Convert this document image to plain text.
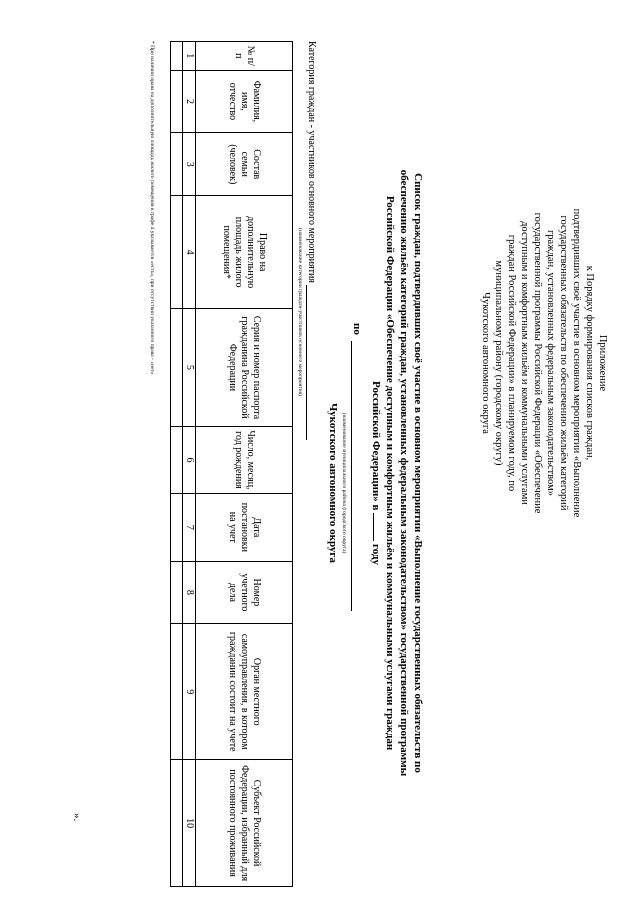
Приложение
к Порядку формирования списков граждан,
подтвердивших своё участие в основном мероприятии «Выполнение
государственных обязательств по обеспечению жильём категорий
граждан, установленных федеральным законодательством»
государственной программы Российской Федерации «Обеспечение
доступным и комфортным жильём и коммунальными услугами
граждан Российской Федерации» в планируемом году, по
муниципальному району (городскому округу)
Чукотского автономного округа
Список граждан, подтвердивших своё участие в основном мероприятии «Выполнение государственных обязательств по
обеспечению жильём категорий граждан, установленных федеральным законодательством» государственной программы
Российской Федерации «Обеспечение доступным и комфортным жильём и коммунальными услугами граждан
Российской Федерации» в  году
по
(наименование муниципального района (городского округа)
Чукотского автономного округа
Категория граждан - участников основного мероприятия
(наименование категории граждан-участников основного мероприятия)
№ п/п	Фамилия, имя, отчество	Состав семьи (человек)	Право на дополнительную площадь жилого помещения*	Серия и номер паспорта гражданина Российской Федерации	Число, месяц, год рождения	Дата постановки на учет	Номер учетного дела	Орган местного самоуправления, в котором гражданин состоит на учете	Субъект Российской Федерации, избранный для постоянного проживания
1	2	3	4	5	6	7	8	9	10

* При наличии права на дополнительную площадь жилого помещения в графе 4 указывается «есть», при отсутствии указанного права - «нет»
».
